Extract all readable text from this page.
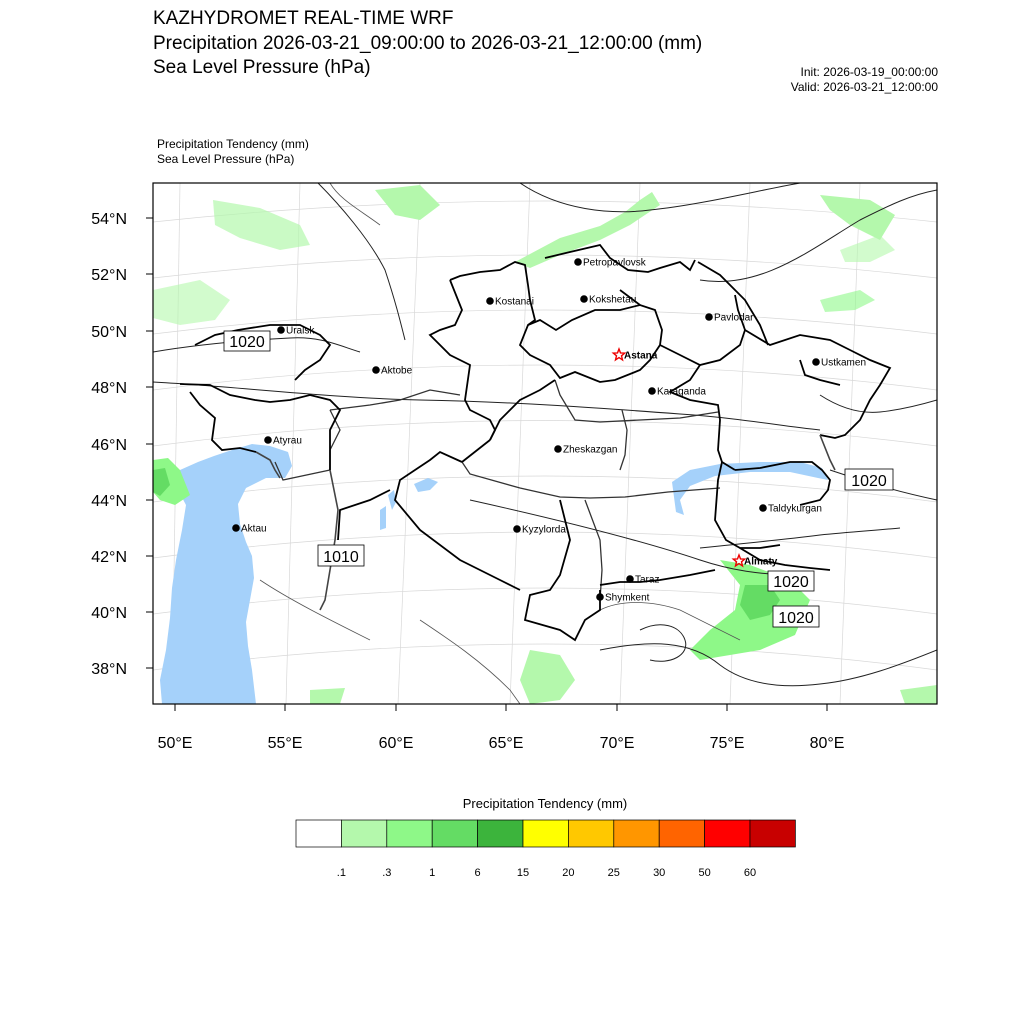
KAZHYDROMET REAL-TIME WRF
Precipitation 2026-03-21_09:00:00 to 2026-03-21_12:00:00 (mm)
Sea Level Pressure (hPa)	Init: 2026-03-19_00:00:00
Valid: 2026-03-21_12:00:00
Precipitation Tendency (mm)
Sea Level Pressure (hPa)
54°N
52°N
50°N
48°N
46°N
44°N
42°N
40°N
38°N
50°E	55°E	60°E	65°E	70°E	75°E	80°E
1020
1020
1010
1020
1020
Petropavlovsk
Kostanai	Kokshetau
Uralsk
Pavlodar
Astana
Aktobe
Ustkamen
Karaganda
Atyrau
Zheskazgan
Aktau
Taldykurgan
Kyzylorda
Almaty
Taraz
Shymkent
Precipitation Tendency (mm)
.1	.3	1	6	15	20	25	30	50	60
